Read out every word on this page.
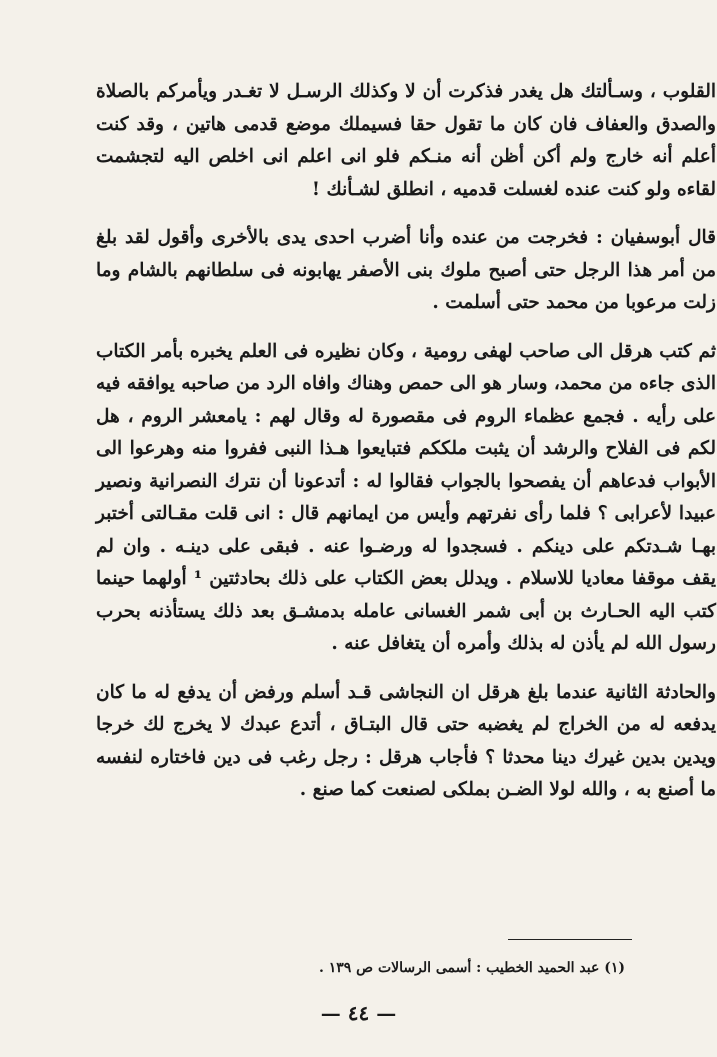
القلوب ، وسـألتك هل يغدر فذكرت أن لا وكذلك الرسـل لا تغـدر ويأمركم بالصلاة والصدق والعفاف فان كان ما تقول حقا فسيملك موضع قدمى هاتين ، وقد كنت أعلم أنه خارج ولم أكن أظن أنه منـكم فلو انى اعلم انى اخلص اليه لتجشمت لقاءه ولو كنت عنده لغسلت قدميه ، انطلق لشـأنك !

قال أبوسفيان : فخرجت من عنده وأنا أضرب احدى يدى بالأخرى وأقول لقد بلغ من أمر هذا الرجل حتى أصبح ملوك بنى الأصفر يهابونه فى سلطانهم بالشام وما زلت مرعوبا من محمد حتى أسلمت .

ثم كتب هرقل الى صاحب لهفى رومية ، وكان نظيره فى العلم يخبره بأمر الكتاب الذى جاءه من محمد، وسار هو الى حمص وهناك وافاه الرد من صاحبه يوافقه فيه على رأيه . فجمع عظماء الروم فى مقصورة له وقال لهم : يامعشر الروم ، هل لكم فى الفلاح والرشد أن يثبت ملككم فتبايعوا هـذا النبى ففروا منه وهرعوا الى الأبواب فدعاهم أن يفصحوا بالجواب فقالوا له : أتدعونا أن نترك النصرانية ونصير عبيدا لأعرابى ؟ فلما رأى نفرتهم وأيس من ايمانهم قال : انى قلت مقـالتى أختبر بهـا شـدتكم على دينكم . فسجدوا له ورضـوا عنه . فبقى على دينـه . وان لم يقف موقفا معاديا للاسلام . ويدلل بعض الكتاب على ذلك بحادثتين ¹ أولهما حينما كتب اليه الحـارث بن أبى شمر الغسانى عامله بدمشـق بعد ذلك يستأذنه بحرب رسول الله لم يأذن له بذلك وأمره أن يتغافل عنه .

والحادثة الثانية عندما بلغ هرقل ان النجاشى قـد أسلم ورفض أن يدفع له ما كان يدفعه له من الخراج لم يغضبه حتى قال البتـاق ، أتدع عبدك لا يخرج لك خرجا ويدين بدين غيرك دينا محدثا ؟ فأجاب هرقل : رجل رغب فى دين فاختاره لنفسه ما أصنع به ، والله لولا الضـن بملكى لصنعت كما صنع .

(١) عبد الحميد الخطيب : أسمى الرسالات ص ١٣٩ .
— ٤٤ —
